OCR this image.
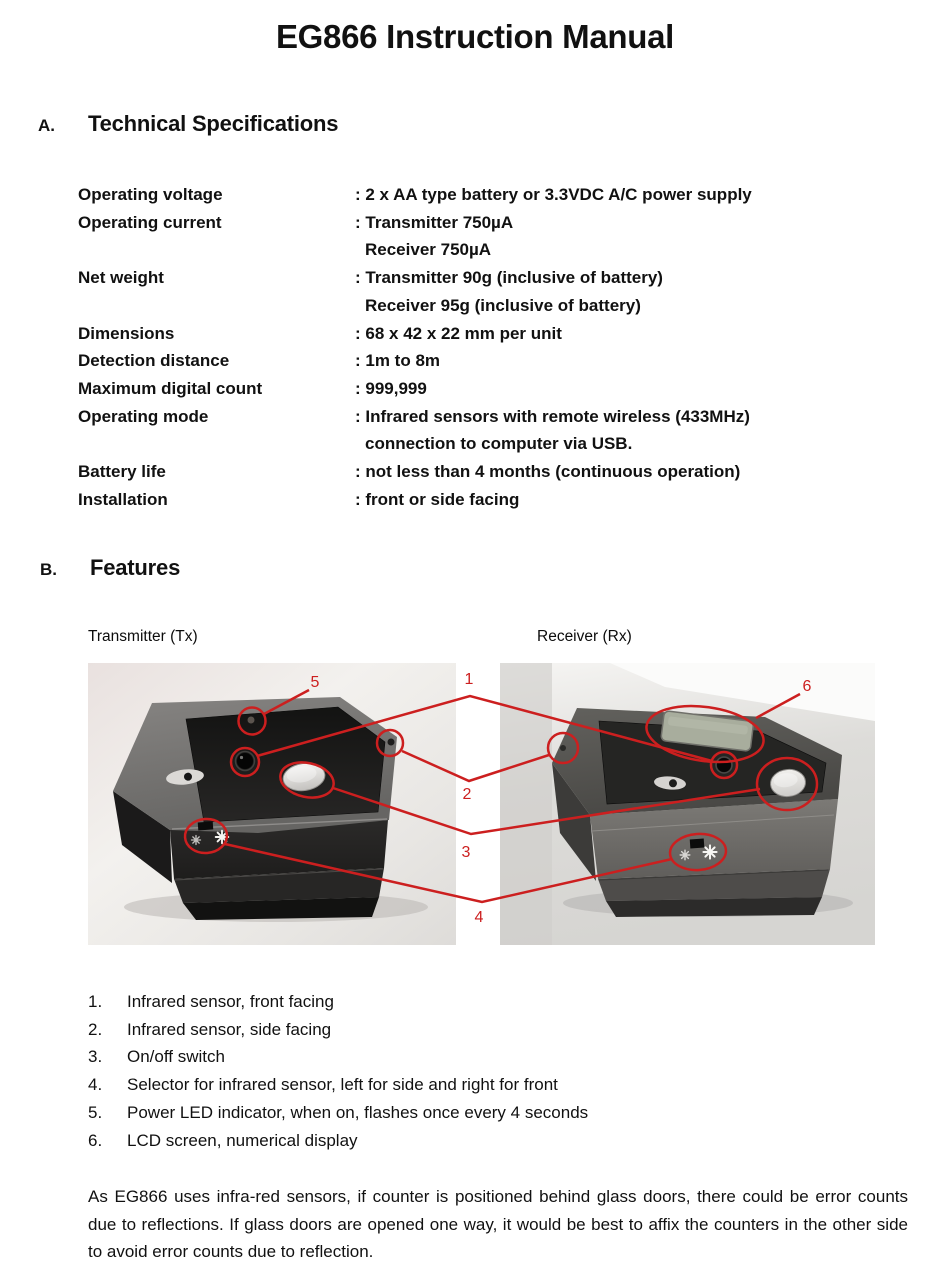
EG866 Instruction Manual
A.	Technical Specifications
Operating voltage	: 2 x AA type battery or 3.3VDC A/C power supply
Operating current	: Transmitter 750µA
Receiver 750µA
Net weight	: Transmitter 90g (inclusive of battery)
Receiver 95g (inclusive of battery)
Dimensions	: 68 x 42 x 22 mm per unit
Detection distance	: 1m to 8m
Maximum digital count	: 999,999
Operating mode	: Infrared sensors with remote wireless (433MHz)
connection to computer via USB.
Battery life	: not less than 4 months (continuous operation)
Installation	: front or side facing
B.	Features
Transmitter (Tx)	Receiver (Rx)
5	1	6
2
3
4
1.	Infrared sensor, front facing
2.	Infrared sensor, side facing
3.	On/off switch
4.	Selector for infrared sensor, left for side and right for front
5.	Power LED indicator, when on, flashes once every 4 seconds
6.	LCD screen, numerical display
As EG866 uses infra-red sensors, if counter is positioned behind glass doors, there could be error counts due to reflections. If glass doors are opened one way, it would be best to affix the counters in the other side to avoid error counts due to reflection.
